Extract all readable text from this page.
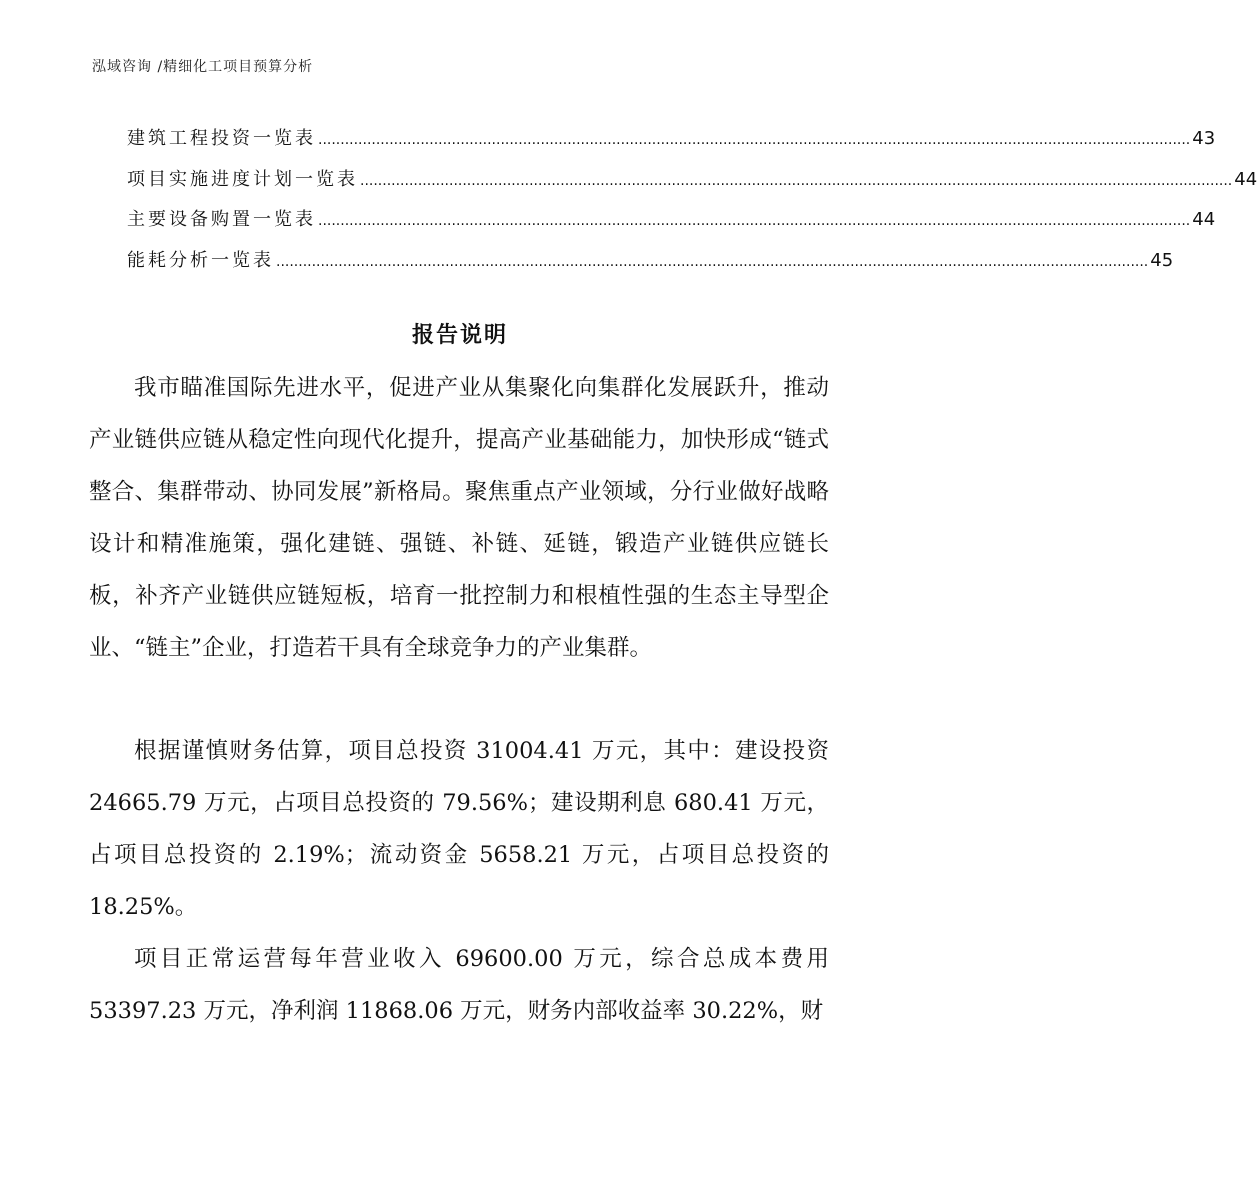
泓域咨询 /精细化工项目预算分析
建筑工程投资一览表 .................................................................................................................................................................................................... 43
项目实施进度计划一览表 .................................................................................................................................................................................................... 44
主要设备购置一览表 .................................................................................................................................................................................................... 44
能耗分析一览表 .................................................................................................................................................................................................... 45
报告说明

我市瞄准国际先进水平，促进产业从集聚化向集群化发展跃升，推动产业链供应链从稳定性向现代化提升，提高产业基础能力，加快形成“链式整合、集群带动、协同发展”新格局。聚焦重点产业领域，分行业做好战略设计和精准施策，强化建链、强链、补链、延链，锻造产业链供应链长板，补齐产业链供应链短板，培育一批控制力和根植性强的生态主导型企业、“链主”企业，打造若干具有全球竞争力的产业集群。

根据谨慎财务估算，项目总投资 31004.41 万元，其中：建设投资 24665.79 万元，占项目总投资的 79.56%；建设期利息 680.41 万元，占项目总投资的 2.19%；流动资金 5658.21 万元，占项目总投资的 18.25%。

项目正常运营每年营业收入 69600.00 万元，综合总成本费用 53397.23 万元，净利润 11868.06 万元，财务内部收益率 30.22%，财
